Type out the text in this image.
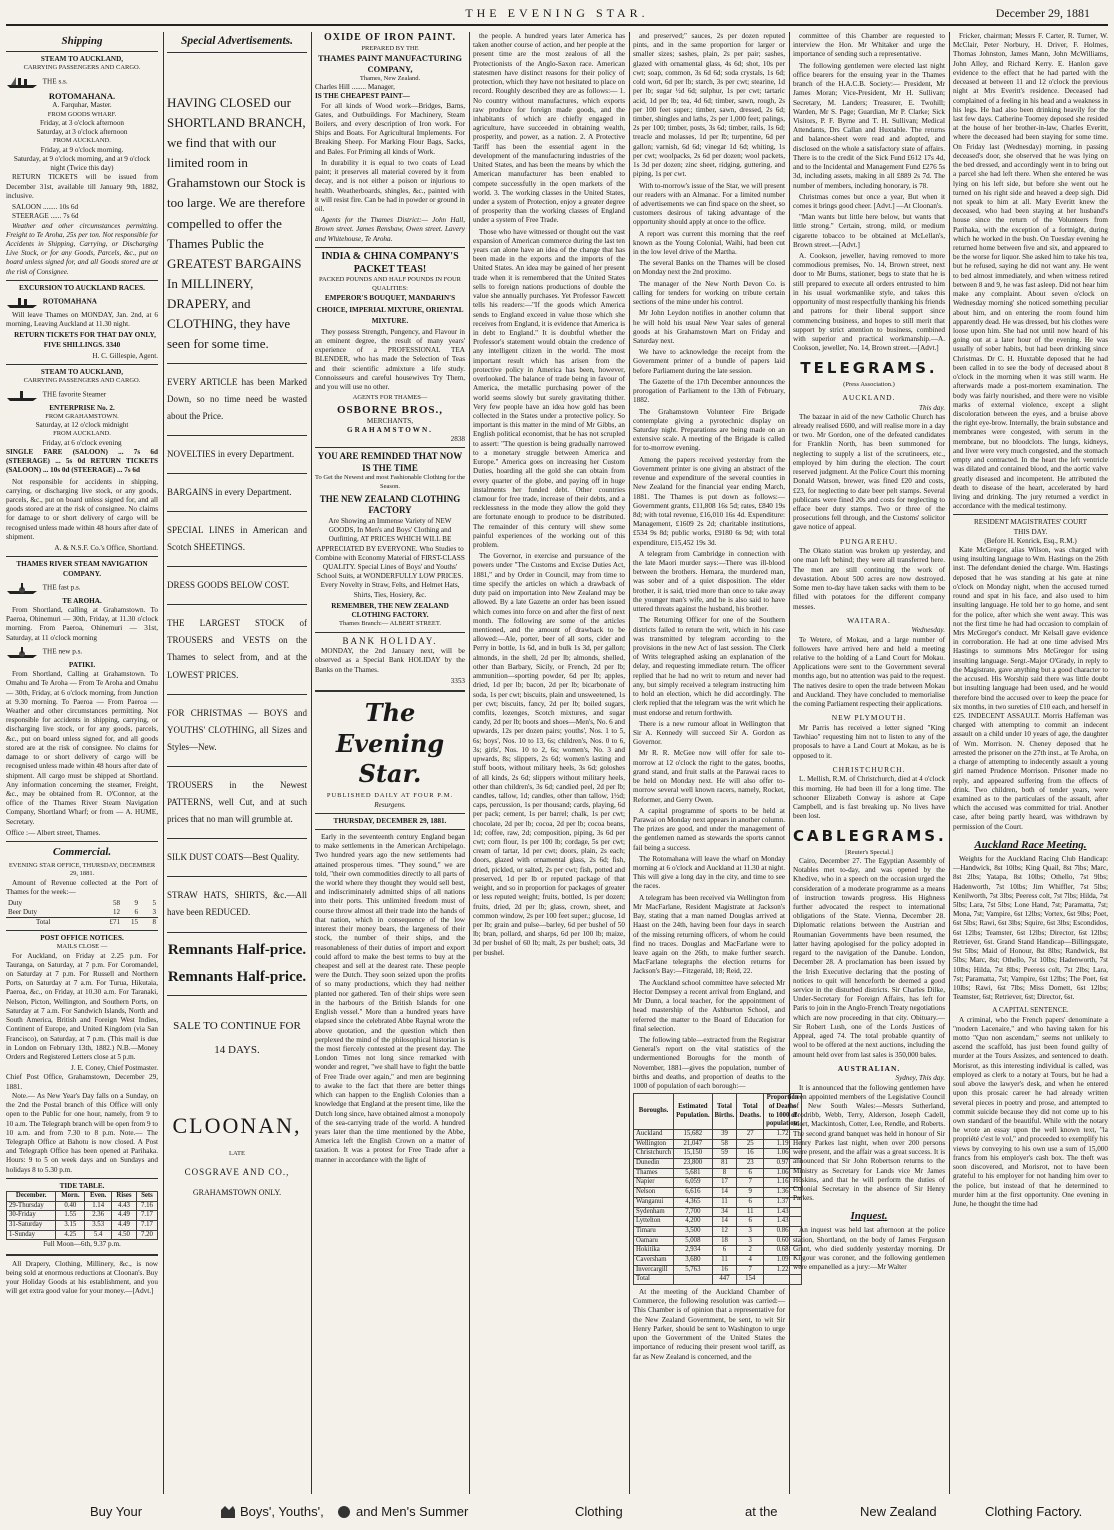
THE EVENING STAR.	December 29, 1881
Shipping
STEAM TO AUCKLAND,
CARRYING PASSENGERS AND CARGO.
THE s.s.
ROTOMAHANA.
A. Farquhar, Master.
FROM GOODS WHARF.
Friday, at 3 o'clock afternoon
Saturday, at 3 o'clock afternoon
FROM AUCKLAND.
Friday, at 9 o'clock morning.
Saturday, at 9 o'clock morning, and at 9 o'clock night (Twice this day)

RETURN TICKETS will be issued from December 31st, available till January 9th, 1882, inclusive.

SALOON ........ 10s 6d
STEERAGE ...... 7s 6d

Weather and other circumstances permitting. Freight to Te Aroha, 25s per ton. Not responsible for Accidents in Shipping, Carrying, or Discharging Live Stock, or for any Goods, Parcels, &c., put on board unless signed for, and all Goods stored are at the risk of Consignee.

EXCURSION TO AUCKLAND RACES.
ROTOMAHANA

Will leave Thames on MONDAY, Jan. 2nd, at 6 morning, Leaving Auckland at 11.30 night.

RETURN TICKETS FOR THAT DAY ONLY, FIVE SHILLINGS. 3340

H. C. Gillespie, Agent.
STEAM TO AUCKLAND,
CARRYING PASSENGERS AND CARGO.
THE favorite Steamer
ENTERPRISE No. 2.
FROM GRAHAMSTOWN.
Saturday, at 12 o'clock midnight
FROM AUCKLAND.
Friday, at 6 o'clock evening

SINGLE FARE (SALOON) ... 7s 6d (STEERAGE) ... 5s 0d RETURN TICKETS (SALOON) ... 10s 0d (STEERAGE) ... 7s 6d

Not responsible for accidents in shipping, carrying, or discharging live stock, or any goods, parcels, &c., put on board unless signed for, and all goods stored are at the risk of consignee. No claims for damage to or short delivery of cargo will be recognised unless made within 48 hours after date of shipment.

A. & N.S.F. Co.'s Office, Shortland.
THAMES RIVER STEAM NAVIGATION COMPANY.
THE fast p.s.
TE AROHA.

From Shortland, calling at Grahamstown. To Paeroa, Ohinemuri — 30th, Friday, at 11.30 o'clock morning. From Paeroa, Ohinemuri — 31st, Saturday, at 11 o'clock morning

THE new p.s.
PATIKI.

From Shortland, Calling at Grahamstown. To Omahu and Te Aroha — From Te Aroha and Omahu — 30th, Friday, at 6 o'clock morning, from Junction at 9.30 morning. To Paeroa — From Paeroa — Weather and other circumstances permitting. Not responsible for accidents in shipping, carrying, or discharging live stock, or for any goods, parcels, &c., put on board unless signed for, and all goods stored are at the risk of consignee. No claims for damage to or short delivery of cargo will be recognised unless made within 48 hours after date of shipment. All cargo must be shipped at Shortland. Any information concerning the steamer, Freight, &c., may be obtained from R. O'Connor, at the office of the Thames River Steam Navigation Company, Shortland Wharf; or from — A. HUME, Secretary.

Office :— Albert street, Thames.
Commercial.
EVENING STAR OFFICE, THURSDAY, DECEMBER 29, 1881.

Amount of Revenue collected at the Port of Thames for the week:—

Duty	58	9	5
Beer Duty	12	6	3
Total	£71	15	8
POST OFFICE NOTICES.
MAILS CLOSE —

For Auckland, on Friday at 2.25 p.m. For Tauranga, on Saturday, at 7 p.m. For Coromandel, on Saturday at 7 p.m. For Russell and Northern Ports, on Saturday at 7 a.m. For Turua, Hikutaia, Paeroa, &c., on Friday, at 10.30 a.m. For Taranaki, Nelson, Picton, Wellington, and Southern Ports, on Saturday at 7 a.m. For Sandwich Islands, North and South America, British and Foreign West Indies, Continent of Europe, and United Kingdom (via San Francisco), on Saturday, at 7 p.m. (This mail is due in London on February 13th, 1882.) N.B.—Money Orders and Registered Letters close at 5 p.m.

J. E. Coney, Chief Postmaster.
Chief Post Office, Grahamstown, December 29, 1881.

Note.— As New Year's Day falls on a Sunday, on the 2nd the Postal branch of this Office will only open to the Public for one hour, namely, from 9 to 10 a.m. The Telegraph branch will be open from 9 to 10 a.m. and from 7.30 to 8 p.m. Note.— The Telegraph Office at Bahotu is now closed. A Post and Telegraph Office has been opened at Parihaka. Hours: 9 to 5 on week days and on Sundays and holidays 8 to 5.30 p.m.

TIDE TABLE.
December.	Morn.	Even.	Rises	Sets
29-Thursday	0.40	1.14	4.43	7.16
30-Friday	1.55	2.36	4.49	7.17
31-Saturday	3.15	3.53	4.49	7.17
1-Sunday	4.25	5.4	4.50	7.20
Full Moon—6th, 9.37 p.m.

All Drapery, Clothing, Millinery, &c., is now being sold at enormous reductions at Cloonan's. Buy your Holiday Goods at his establishment, and you will get extra good value for your money.—[Advt.]

Special Advertisements.
HAVING CLOSED our SHORTLAND BRANCH, we find that with our limited room in Grahamstown our Stock is too large. We are therefore compelled to offer the Thames Public the GREATEST BARGAINS In MILLINERY, DRAPERY, and CLOTHING, they have seen for some time.
EVERY ARTICLE has been Marked Down, so no time need be wasted about the Price.
NOVELTIES in every Department.
BARGAINS in every Department.
SPECIAL LINES in American and Scotch SHEETINGS.
DRESS GOODS BELOW COST.
THE LARGEST STOCK of TROUSERS and VESTS on the Thames to select from, and at the LOWEST PRICES.
FOR CHRISTMAS — BOYS and YOUTHS' CLOTHING, all Sizes and Styles—New.
TROUSERS in the Newest PATTERNS, well Cut, and at such prices that no man will grumble at.
SILK DUST COATS—Best Quality.
STRAW HATS, SHIRTS, &c.—All have been REDUCED.
Remnants Half-price.
Remnants Half-price.
SALE TO CONTINUE FOR 14 DAYS.
CLOONAN,
LATE
COSGRAVE AND CO.,
GRAHAMSTOWN ONLY.
OXIDE OF IRON PAINT.
PREPARED BY THE
THAMES PAINT MANUFACTURING COMPANY,
Thames, New Zealand.
Charles Hill ........ Manager,
IS THE CHEAPEST PAINT—

For all kinds of Wood work—Bridges, Barns, Gates, and Outbuildings. For Machinery, Steam Boilers, and every description of Iron work. For Ships and Boats. For Agricultural Implements. For Breaking Sheep. For Marking Flour Bags, Sacks, and Bales. For Priming all kinds of Work.

In durability it is equal to two coats of Lead paint; it preserves all material covered by it from decay, and is not either a poison or injurious to health. Weatherboards, shingles, &c., painted with it will resist fire. Can be had in powder or ground in oil.

Agents for the Thames District:— John Hall, Brown street. James Renshaw, Owen street. Lavery and Whitehouse, Te Aroha.

INDIA & CHINA COMPANY'S PACKET TEAS!
PACKED POUNDS AND HALF POUNDS IN FOUR QUALITIES:
EMPEROR'S BOUQUET, MANDARIN'S CHOICE, IMPERIAL MIXTURE, ORIENTAL MIXTURE.

They possess Strength, Pungency, and Flavour in an eminent degree, the result of many years' experience of a PROFESSIONAL TEA BLENDER, who has made the Selection of Teas and their scientific admixture a life study. Connoisseurs and careful housewives Try Them, and you will use no other.

AGENTS FOR THAMES—
OSBORNE BROS.,
MERCHANTS,
GRAHAMSTOWN.
2838
YOU ARE REMINDED THAT NOW IS THE TIME
To Get the Newest and most Fashionable Clothing for the Season.
THE NEW ZEALAND CLOTHING FACTORY

Are Showing an Immense Variety of NEW GOODS, In Men's and Boys' Clothing and Outfitting, AT PRICES WHICH WILL BE APPRECIATED BY EVERYONE. Who Studies to Combine with Economy Material of FIRST-CLASS QUALITY. Special Lines of Boys' and Youths' School Suits, at WONDERFULLY LOW PRICES. Every Novelty in Straw, Felts, and Helmet Hats, Shirts, Ties, Hosiery, &c.

REMEMBER, THE NEW ZEALAND CLOTHING FACTORY.
Thames Branch:— ALBERT STREET.
BANK HOLIDAY.

MONDAY, the 2nd January next, will be observed as a Special Bank HOLIDAY by the Banks on the Thames.

3353
The Evening Star.
PUBLISHED DAILY AT FOUR P.M.
Resurgens.
THURSDAY, DECEMBER 29, 1881.

Early in the seventeenth century England began to make settlements in the American Archipelago. Two hundred years ago the new settlements had attained prosperous times. "They sound," we are told, "their own commodities directly to all parts of the world where they thought they would sell best, and indiscriminately admitted ships of all nations into their ports. This unlimited freedom must of course throw almost all their trade into the hands of that nation, which in consequence of the low interest their money bears, the largeness of their stock, the number of their ships, and the reasonableness of their duties of import and export could afford to make the best terms to buy at the cheapest and sell at the dearest rate. These people were the Dutch. They soon seized upon the profits of so many productions, which they had neither planted nor gathered. Ten of their ships were seen in the harbours of the British Islands for one English vessel." More than a hundred years have elapsed since the celebrated Abbe Raynal wrote the above quotation, and the question which then perplexed the mind of the philosophical historian is the most fiercely contested at the present day. The London Times not long since remarked with wonder and regret, "we shall have to fight the battle of Free Trade over again," and men are beginning to awake to the fact that there are better things which can happen to the English Colonies than a knowledge that England at the present time, like the Dutch long since, have obtained almost a monopoly of the sea-carrying trade of the world. A hundred years later than the time mentioned by the Abbe, America left the English Crown on a matter of taxation. It was a protest for Free Trade after a manner in accordance with the light of

the people. A hundred years later America has taken another course of action, and her people at the present time are the most zealous of all the Protectionists of the Anglo-Saxon race. American statesmen have distinct reasons for their policy of protection, which they have not hesitated to place on record. Roughly described they are as follows:— 1. No country without manufactures, which exports raw produce for foreign made goods, and the inhabitants of which are chiefly engaged in agriculture, have succeeded in obtaining wealth, prosperity, and power, as a nation. 2. A Protective Tariff has been the essential agent in the development of the manufacturing industries of the United States, and has been the means by which the American manufacturer has been enabled to compete successfully in the open markets of the world. 3. The working classes in the United States, under a system of Protection, enjoy a greater degree of prosperity than the working classes of England under a system of Free Trade.

Those who have witnessed or thought out the vast expansion of American commerce during the last ten years can alone have an idea of the change that has been made in the exports and the imports of the United States. An idea may be gained of her present trade when it is remembered that the United States sells to foreign nations productions of double the value she annually purchases. Yet Professor Fawcett tells his readers:—"If the goods which America sends to England exceed in value those which she receives from England, it is evidence that America is in debt to England." It is doubtful whether the Professor's statement would obtain the credence of any intelligent citizen in the world. The most important result which has arisen from the protective policy in America has been, however, overlooked. The balance of trade being in favour of America, the metallic purchasing power of the world seems slowly but surely gravitating thither. Very few people have an idea how gold has been collected in the States under a protective policy. So important is this matter in the mind of Mr Gibbs, an English political economist, that he has not scrupled to assert: "The question is being gradually narrowed to a monetary struggle between America and Europe." America goes on increasing her Custom Duties, hoarding all the gold she can obtain from every quarter of the globe, and paying off in huge instalments her funded debt. Other countries clamour for free trade, increase of their debts, and a recklessness in the mode they allow the gold they are fortunate enough to produce to be distributed. The remainder of this century will shew some painful experiences of the working out of this problem.

The Governor, in exercise and pursuance of the powers under "The Customs and Excise Duties Act, 1881," and by Order in Council, may from time to time specify the articles on which a drawback of duty paid on importation into New Zealand may be allowed. By a late Gazette an order has been issued which comes into force on and after the first of next month. The following are some of the articles mentioned, and the amount of drawback to be allowed:—Ale, porter, beer of all sorts, cider and Perry in bottle, 1s 6d, and in bulk 1s 3d, per gallon; almonds, in the shell, 2d per lb; almonds, shelled, other than Barbary, Sicily, or French, 2d per lb; ammunition—sporting powder, 6d per lb; apples, dried, 1d per lb; bacon, 2d per lb; bicarbonate of soda, 1s per cwt; biscuits, plain and unsweetened, 1s per cwt; biscuits, fancy, 2d per lb; boiled sugars, comfits, lozenges, Scotch mixtures, and sugar candy, 2d per lb; boots and shoes—Men's, No. 6 and upwards, 12s per dozen pairs; youths', Nos. 1 to 5, 6s; boys', Nos. 10 to 13, 6s; children's, Nos. 0 to 6, 3s; girls', Nos. 10 to 2, 6s; women's, No. 3 and upwards, 8s; slippers, 2s 6d; women's lasting and stuff boots, without military heels, 3s 6d; goloshes of all kinds, 2s 6d; slippers without military heels, other than children's, 3s 6d; candied peel, 2d per lb; candles, tallow, 1d; candles, other than tallow, 1½d; caps, percussion, 1s per thousand; cards, playing, 6d per pack; cement, 1s per barrel; chalk, 1s per cwt; chocolate, 2d per lb; cocoa, 2d per lb; cocoa beans, 1d; coffee, raw, 2d; composition, piping, 3s 6d per cwt; corn flour, 1s per 100 lb; cordage, 5s per cwt; cream of tartar, 1d per cwt; doors, plain, 2s each; doors, glazed with ornamental glass, 2s 6d; fish, dried, pickled, or salted, 2s per cwt; fish, potted and preserved, 1d per lb or reputed package of that weight, and so in proportion for packages of greater or less reputed weight; fruits, bottled, 1s per dozen; fruits, dried, 2d per lb; glass, crown, sheet, and common window, 2s per 100 feet super.; glucose, 1d per lb; grain and pulse—barley, 6d per bushel of 50 lb; bran, pollard, and sharps, 6d per 100 lb; maize, 3d per bushel of 60 lb; malt, 2s per bushel; oats, 3d per bushel.

and preserved;" sauces, 2s per dozen reputed pints, and in the same proportion for larger or smaller sizes; sashes, plain, 2s per pair; sashes, glazed with ornamental glass, 4s 6d; shot, 10s per cwt; soap, common, 3s 6d 6d; soda crystals, 1s 6d; cold wort, 6d per lb; starch, 3s per cwt; stearine, 1d per lb; sugar ½d 6d; sulphur, 1s per cwt; tartaric acid, 1d per lb; tea, 4d 6d; timber, sawn, rough, 2s per 100 feet super.; timber, sawn, dressed, 2s 6d; timber, shingles and laths, 2s per 1,000 feet; palings, 2s per 100; timber, posts, 3s 6d; timber, rails, 1s 6d; treacle and molasses, 1d per lb; turpentine, 6d per gallon; varnish, 6d 6d; vinegar 1d 6d; whiting, 1s per cwt; woolpacks, 2s 6d per dozen; wool packets, 1s 3d per dozen; zinc sheet, ridging, guttering, and piping, 1s per cwt.

With to-morrow's issue of the Star, we will present our readers with an Almanac. For a limited number of advertisements we can find space on the sheet, so customers desirous of taking advantage of the opportunity should apply at once to the office.

A report was current this morning that the reef known as the Young Colonial, Waihi, had been cut in the low level drive of the Martha.

The several Banks on the Thames will be closed on Monday next the 2nd proximo.

The manager of the New North Devon Co. is calling for tenders for working on tribute certain sections of the mine under his control.

Mr John Leydon notifies in another column that he will hold his usual New Year sales of general goods at his Grahamstown Mart on Friday and Saturday next.

We have to acknowledge the receipt from the Government printer of a bundle of papers laid before Parliament during the late session.

The Gazette of the 17th December announces the prorogation of Parliament to the 13th of February, 1882.

The Grahamstown Volunteer Fire Brigade contemplate giving a pyrotechnic display on Saturday night. Preparations are being made on an extensive scale. A meeting of the Brigade is called for to-morrow evening.

Among the papers received yesterday from the Government printer is one giving an abstract of the revenue and expenditure of the several counties in New Zealand for the financial year ending March, 1881. The Thames is put down as follows:—Government grants, £11,808 16s 5d; rates, £840 19s 8d; with total revenue, £16,010 16s 4d. Expenditure: Management, £1609 2s 2d; charitable institutions, £534 9s 8d; public works, £9180 6s 9d; with total expenditure, £15,452 19s 3d.

A telegram from Cambridge in connection with the late Maori murder says:—There was ill-blood between the brothers. Hemara, the murdered man, was sober and of a quiet disposition. The elder brother, it is said, tried more than once to take away the younger man's wife, and he is also said to have uttered threats against the husband, his brother.

The Returning Officer for one of the Southern districts failed to return the writ, which in his case was transmitted by telegram according to the provisions in the new Act of last session. The Clerk of Writs telegraphed asking an explanation of the delay, and requesting immediate return. The officer replied that he had no writ to return and never had any, but simply received a telegram instructing him to hold an election, which he did accordingly. The clerk replied that the telegram was the writ which he must endorse and return forthwith.

There is a new rumour afloat in Wellington that Sir A. Kennedy will succeed Sir A. Gordon as Governor.

Mr R. R. McGee now will offer for sale to-morrow at 12 o'clock the right to the gates, booths, grand stand, and fruit stalls at the Parawai races to be held on Monday next. He will also offer to-morrow several well known racers, namely, Rocket, Reformer, and Gerry Owen.

A capital programme of sports to be held at Parawai on Monday next appears in another column. The prizes are good, and under the management of the gentlemen named as stewards the sports cannot fail being a success.

The Rotomahana will leave the wharf on Monday morning at 6 o'clock and Auckland at 11.30 at night. This will give a long day in the city, and time to see the races.

A telegram has been received via Wellington from Mr MacFarlane, Resident Magistrate at Jackson's Bay, stating that a man named Douglas arrived at Haast on the 24th, having been four days in search of the missing returning officers, of whom he could find no traces. Douglas and MacFarlane were to leave again on the 26th, to make further search. MacFarlane telegraphs the election returns for Jackson's Bay:—Fitzgerald, 18; Reid, 22.

The Auckland school committee have selected Mr Hector Dempsey a recent arrival from England, and Mr Dunn, a local teacher, for the appointment of head mastership of the Ashburton School, and referred the matter to the Board of Education for final selection.

The following table—extracted from the Registrar General's report on the vital statistics of the undermentioned Boroughs for the month of November, 1881—gives the population, number of births and deaths, and proportion of deaths to the 1000 of population of each borough:—

Boroughs.	Estimated Population.	Total Births.	Total Deaths.	Proportion of Deaths to 1000 of population.
Auckland	15,682	39	27	1.72
Wellington	21,047	58	25	1.19
Christchurch	15,150	59	16	1.06
Dunedin	23,800	81	23	0.97
Thames	5,681	8	6	1.06
Napier	6,059	17	7	1.16
Nelson	6,616	14	9	1.36
Wanganui	4,365	11	6	1.37
Sydenham	7,700	34	11	1.43
Lyttelton	4,200	14	6	1.43
Timaru	3,500	12	3	0.86
Oamaru	5,008	18	3	0.60
Hokitika	2,934	6	2	0.68
Caversham	3,680	11	4	1.09
Invercargill	5,763	16	7	1.22
Total		447	154	

At the meeting of the Auckland Chamber of Commerce, the following resolution was carried:—This Chamber is of opinion that a representative for the New Zealand Government, be sent, to wit Sir Henry Parker, should be sent to Washington to urge upon the Government of the United States the importance of reducing their present wool tariff, as far as New Zealand is concerned, and the

committee of this Chamber are requested to interview the Hon. Mr Whitaker and urge the importance of sending such a representative.

The following gentlemen were elected last night office bearers for the ensuing year in the Thames branch of the H.A.C.B. Society:— President, Mr James Moran; Vice-President, Mr H. Sullivan; Secretary, M. Landers; Treasurer, E. Twohill; Warden, Mr S. Page; Guardian, Mr P. Clarke; Sick Visitors, P. F. Byrne and T. H. Sullivan; Medical Attendants, Drs Callan and Huxtable. The returns and balance-sheet were read and adopted, and disclosed on the whole a satisfactory state of affairs. There is to the credit of the Sick Fund £612 17s 4d, and to the Incidental and Management Fund £276 5s 3d, including assets, making in all £889 2s 7d. The number of members, including honorary, is 78.

Christmas comes but once a year, But when it comes it brings good cheer. [Advt.] —At Cloonan's.

"Man wants but little here below, but wants that little strong." Certain, strong, mild, or medium cigarette tobacco to be obtained at McLellan's, Brown street.—[Advt.]

A. Cookson, jeweller, having removed to more commodious premises, No. 14, Brown street, next door to Mr Burns, stationer, begs to state that he is still prepared to execute all orders entrusted to him in his usual workmanlike style, and takes this opportunity of most respectfully thanking his friends and patrons for their liberal support since commencing business, and hopes to still merit that support by strict attention to business, combined with superior and practical workmanship.—A. Cookson, jeweller, No. 14, Brown street.—[Advt.]

TELEGRAMS.
(Press Association.)
AUCKLAND.
This day.

The bazaar in aid of the new Catholic Church has already realised £600, and will realise more in a day or two. Mr Gordon, one of the defeated candidates for Franklin North, has been summoned for neglecting to supply a list of the scrutineers, etc., employed by him during the election. The court reserved judgment. At the Police Court this morning Donald Watson, brewer, was fined £20 and costs, £23, for neglecting to date beer pelt stamps. Several publicans were fined 20s and costs for neglecting to efface beer duty stamps. Two or three of the prosecutions fell through, and the Customs' solicitor gave notice of appeal.

PUNGAREHU.

The Okato station was broken up yesterday, and one man left behind; they were all transferred here. The men are still continuing the work of devastation. About 500 acres are now destroyed. Some men to-day have taken sacks with them to be filled with potatoes for the different company messes.

WAITARA.
Wednesday.

Te Wetere, of Mokau, and a large number of followers have arrived here and held a meeting relative to the holding of a Land Court for Mokau. Applications were sent to the Government several months ago, but no attention was paid to the request. The natives desire to open the trade between Mokau and Auckland. They have concluded to memorialise the coming Parliament respecting their applications.

NEW PLYMOUTH.

Mr Parris has received a letter signed "King Tawhiao" requesting him not to listen to any of the proposals to have a Land Court at Mokau, as he is opposed to it.

CHRISTCHURCH.

L. Mellish, R.M. of Christchurch, died at 4 o'clock this morning. He had been ill for a long time. The schooner Elizabeth Conway is ashore at Cape Campbell, and is fast breaking up. No lives have been lost.

CABLEGRAMS.
[Reuter's Special.]

Cairo, December 27. The Egyptian Assembly of Notables met to-day, and was opened by the Khedive, who in a speech on the occasion urged the consideration of a moderate programme as a means of instruction towards progress. His Highness further advocated the respect to international obligations of the State. Vienna, December 28. Diplomatic relations between the Austrian and Roumanian Governments have been resumed, the latter having apologised for the policy adopted in regard to the navigation of the Danube. London, December 28. A proclamation has been issued by the Irish Executive declaring that the posting of notices to quit will henceforth be deemed a good service in the disturbed districts. Sir Charles Dilke, Under-Secretary for Foreign Affairs, has left for Paris to join in the Anglo-French Treaty negotiations which are now proceeding in that city. Obituary.— Sir Robert Lush, one of the Lords Justices of Appeal, aged 74. The total probable quantity of wool to be offered at the next auctions, including the amount held over from last sales is 350,000 bales.

AUSTRALIAN.
Sydney, This day.

It is announced that the following gentlemen have been appointed members of the Legislative Council of New South Wales:—Messrs Sutherland, Brodribb, Webb, Terry, Alderson, Joseph Cadell, Mort, Mackintosh, Cotter, Lee, Rendle, and Roberts. The second grand banquet was held in honour of Sir Henry Parkes last night, when over 200 persons were present, and the affair was a great success. It is announced that Sir John Robertson returns to the Ministry as Secretary for Lands vice Mr James Hoskins, and that he will perform the duties of Colonial Secretary in the absence of Sir Henry Parkes.

Inquest.

An inquest was held last afternoon at the police station, Shortland, on the body of James Ferguson Grant, who died suddenly yesterday morning. Dr Kilgour was coroner, and the following gentlemen were empanelled as a jury:—Mr Walter

Fricker, chairman; Messrs F. Carter, R. Turner, W. McClair, Peter Norbury, H. Driver, F. Holmes, Thomas Johnston, James Mann, John McWilliams, John Alley, and Richard Kerry. E. Hanlon gave evidence to the effect that he had parted with the deceased at between 11 and 12 o'clock the previous night at Mrs Everitt's residence. Deceased had complained of a feeling in his head and a weakness in his legs. He had also been drinking heavily for the last few days. Catherine Toomey deposed she resided at the house of her brother-in-law, Charles Everitt, where the deceased had been staying for some time. On Friday last (Wednesday) morning, in passing deceased's door, she observed that he was lying on the bed dressed, and accordingly went in to bring out a parcel she had left there. When she entered he was lying on his left side, but before she went out he turned on his right side and heaved a deep sigh. Did not speak to him at all. Mary Everitt knew the deceased, who had been staying at her husband's house since the return of the Volunteers from Parihaka, with the exception of a fortnight, during which he worked in the bush. On Tuesday evening he returned home between five and six, and appeared to be the worse for liquor. She asked him to take his tea, but he refused, saying he did not want any. He went to bed almost immediately, and when witness retired between 8 and 9, he was fast asleep. Did not hear him make any complaint. About seven o'clock on Wednesday morning' she noticed something peculiar about him, and on entering the room found him apparently dead. He was dressed, but his clothes were loose upon him. She had not until now heard of his going out at a later hour of the evening. He was usually of sober habits, but had been drinking since Christmas. Dr C. H. Huxtable deposed that he had been called in to see the body of deceased about 8 o'clock in the morning when it was still warm. He afterwards made a post-mortem examination. The body was fairly nourished, and there were no visible marks of external violence, except a slight discoloration between the eyes, and a bruise above the right eye-brow. Internally, the brain substance and membranes were congested, with serum in the membrane, but no bloodclots. The lungs, kidneys, and liver were very much congested, and the stomach empty and contracted. In the heart the left ventricle was dilated and contained blood, and the aortic valve greatly diseased and incompetent. He attributed the death to disease of the heart, accelerated by hard living and drinking. The jury returned a verdict in accordance with the medical testimony.

RESIDENT MAGISTRATES' COURT
THIS DAY.
(Before H. Kenrick, Esq., R.M.)

Kate McGregor, alias Wilson, was charged with using insulting language to Wm. Hastings on the 26th inst. The defendant denied the charge. Wm. Hastings deposed that he was standing at his gate at nine o'clock on Monday night, when the accused turned round and spat in his face, and also used to him insulting language. He told her to go home, and sent for the police, after which she went away. This was not the first time he had had occasion to complain of Mrs McGregor's conduct. Mr Kelsall gave evidence in corroboration. He had at one time advised Mrs Hastings to summons Mrs McGregor for using insulting language. Sergt.-Major O'Grady, in reply to the Magistrate, gave anything but a good character to the accused. His Worship said there was little doubt but insulting language had been used, and he would therefore bind the accused over to keep the peace for six months, in two sureties of £10 each, and herself in £25. INDECENT ASSAULT. Morris Haffeman was charged with attempting to commit an indecent assault on a child under 10 years of age, the daughter of Wm. Morrison. N. Cheney deposed that he arrested the prisoner on the 27th inst., at Te Aroha, on a charge of attempting to indecently assault a young girl named Prudence Morrison. Prisoner made no reply, and appeared suffering from the effects of drink. Two children, both of tender years, were examined as to the particulars of the assault, after which the accused was committed for trial. Another case, after being partly heard, was withdrawn by permission of the Court.

Auckland Race Meeting.

Weights for the Auckland Racing Club Handicap:—Handwick, 8st 10lbs; King Quail, 8st 7lbs; Marc, 8st 2lbs; Yatapa, 8st 10lbs; Othello, 7st 9lbs; Hadenworth, 7st 10lbs; Jim Whiffler, 7st 5lbs; Kenilworth, 7st 3lbs; Peeress colt, 7st 7lbs; Hilda, 7st 5lbs; Lara, 7st 5lbs; Lone Hand, 7st; Paramatta, 7st; Mona, 7st; Vampire, 6st 12lbs; Vortex, 6st 9lbs; Poet, 6st 5lbs; Rawi, 6st 3lbs; Squire, 6st 3lbs; Escondidos, 6st 12lbs; Teamster, 6st 12lbs; Director, 6st 12lbs; Retriever, 6st. Grand Stand Handicap—Billingsgate, 9st 5lbs; Maid of Honour, 8st 8lbs; Randwick, 8st 5lbs; Marc, 8st; Othello, 7st 10lbs; Hadenworth, 7st 10lbs; Hilda, 7st 8lbs; Peeress colt, 7st 2lbs; Lara, 7st; Paramatta, 7st; Vampire, 6st 12lbs; The Poet, 6st 10lbs; Rawi, 6st 7lbs; Miss Domett, 6st 12lbs; Teamster, 6st; Retriever, 6st; Director, 6st.

A CAPITAL SENTENCE.

A criminal, who the French papers' denominate a "modern Lacenaire," and who having taken for his motto "Quo non ascendam," seems not unlikely to ascend the scaffold, has just been found guilty of murder at the Tours Assizes, and sentenced to death. Morisrot, as this interesting individual is called, was employed as clerk to a notary at Tours, but he had a soul above the lawyer's desk, and when he entered upon this prosaic career he had already written several pieces in poetry and prose, and attempted to commit suicide because they did not come up to his own standard of the beautiful. While with the notary he wrote an essay upon the well known text, "la propriété c'est le vol," and proceeded to exemplify his views by conveying to his own use a sum of 15,000 francs from his employer's cash box. The theft was soon discovered, and Morisrot, not to have been grateful to his employer for not handing him over to the police, but instead of that he determined to murder him at the first opportunity. One evening in June, he thought the time had

Buy Your	Boys', Youths', and Men's Summer	Clothing	at the	New Zealand	Clothing Factory.
